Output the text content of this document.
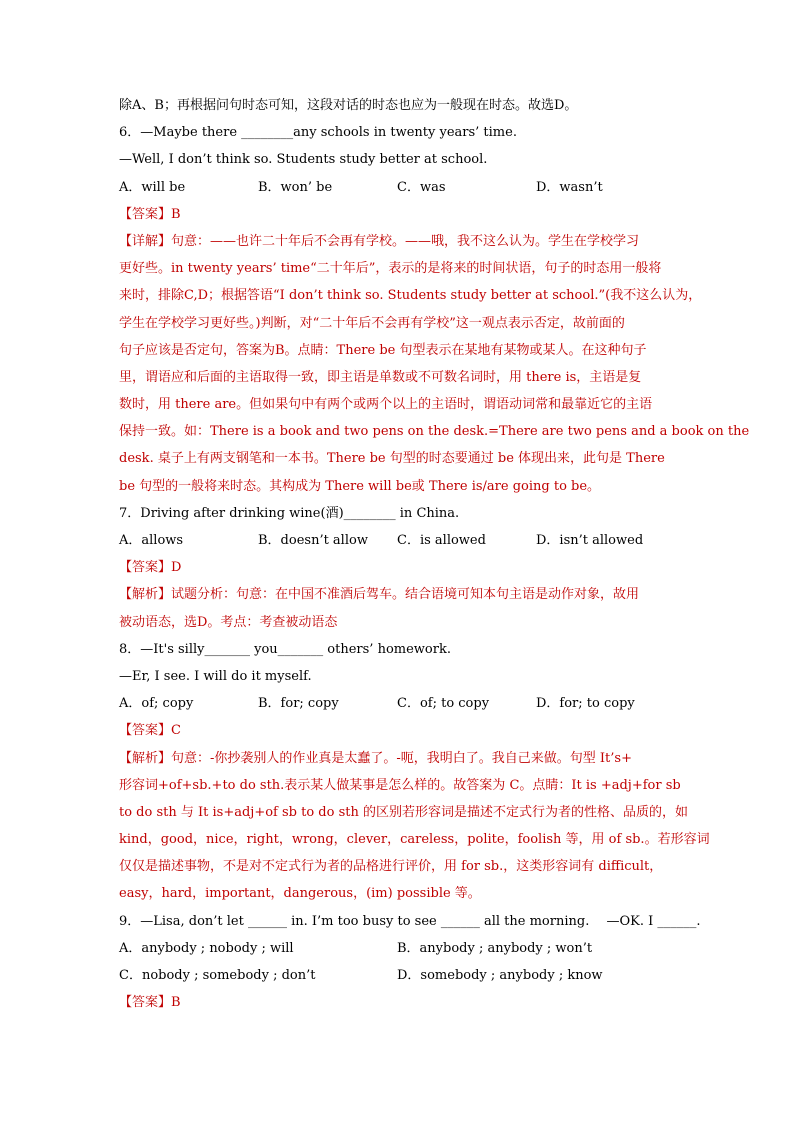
除A、B；再根据问句时态可知，这段对话的时态也应为一般现在时态。故选D。
6．—Maybe there ________any schools in twenty years’ time.
—Well, I don’t think so. Students study better at school.
A．will be	B．won’ be	C．was	D．wasn’t
【答案】B
【详解】句意：——也许二十年后不会再有学校。——哦，我不这么认为。学生在学校学习
更好些。in twenty years’ time“二十年后”，表示的是将来的时间状语，句子的时态用一般将
来时，排除C,D；根据答语“I don’t think so. Students study better at school.”(我不这么认为，
学生在学校学习更好些。)判断，对“二十年后不会再有学校”这一观点表示否定，故前面的
句子应该是否定句，答案为B。点睛：There be 句型表示在某地有某物或某人。在这种句子
里，谓语应和后面的主语取得一致，即主语是单数或不可数名词时，用 there is，主语是复
数时，用 there are。但如果句中有两个或两个以上的主语时，谓语动词常和最靠近它的主语
保持一致。如：There is a book and two pens on the desk.=There are two pens and a book on the
desk. 桌子上有两支钢笔和一本书。There be 句型的时态要通过 be 体现出来，此句是 There
be 句型的一般将来时态。其构成为 There will be或 There is/are going to be。
7．Driving after drinking wine(酒)________ in China.
A．allows	B．doesn’t allow	C．is allowed	D．isn’t allowed
【答案】D
【解析】试题分析：句意：在中国不准酒后驾车。结合语境可知本句主语是动作对象，故用
被动语态，选D。考点：考查被动语态
8．—It's silly_______ you_______ others’ homework.
—Er, I see. I will do it myself.
A．of; copy	B．for; copy	C．of; to copy	D．for; to copy
【答案】C
【解析】句意：-你抄袭别人的作业真是太蠢了。-呃，我明白了。我自己来做。句型 It’s+
形容词+of+sb.+to do sth.表示某人做某事是怎么样的。故答案为 C。点睛：It is +adj+for sb
to do sth 与 It is+adj+of sb to do sth 的区别若形容词是描述不定式行为者的性格、品质的，如
kind，good，nice，right，wrong，clever，careless，polite，foolish 等，用 of sb.。若形容词
仅仅是描述事物，不是对不定式行为者的品格进行评价，用 for sb.，这类形容词有 difficult，
easy，hard，important，dangerous，(im) possible 等。
9．—Lisa, don’t let ______ in. I’m too busy to see ______ all the morning.　 —OK. I ______.
A．anybody ; nobody ; will	B．anybody ; anybody ; won’t
C．nobody ; somebody ; don’t	D．somebody ; anybody ; know
【答案】B
